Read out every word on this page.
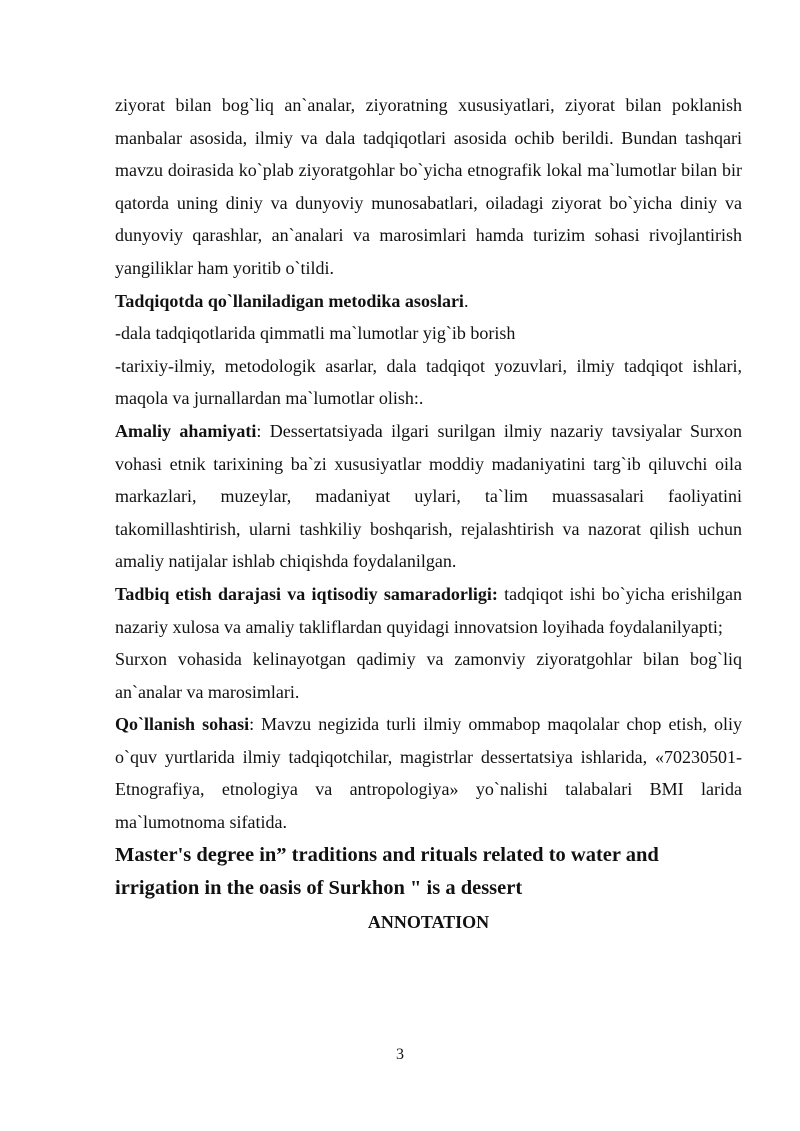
ziyorat bilan bog`liq an`analar, ziyoratning xususiyatlari, ziyorat bilan poklanish manbalar asosida, ilmiy va dala tadqiqotlari asosida ochib berildi. Bundan tashqari mavzu doirasida ko`plab ziyoratgohlar bo`yicha etnografik lokal ma`lumotlar bilan bir qatorda uning diniy va dunyoviy munosabatlari, oiladagi ziyorat bo`yicha diniy va dunyoviy qarashlar, an`analari va marosimlari hamda turizim sohasi rivojlantirish yangiliklar ham yoritib o`tildi.

Tadqiqotda qo`llaniladigan metodika asoslari.

-dala tadqiqotlarida qimmatli ma`lumotlar yig`ib borish

-tarixiy-ilmiy, metodologik asarlar, dala tadqiqot yozuvlari, ilmiy tadqiqot ishlari, maqola va jurnallardan ma`lumotlar olish:.

Amaliy ahamiyati: Dessertatsiyada ilgari surilgan ilmiy nazariy tavsiyalar Surxon vohasi etnik tarixining ba`zi xususiyatlar moddiy madaniyatini targ`ib qiluvchi oila markazlari, muzeylar, madaniyat uylari, ta`lim muassasalari faoliyatini takomillashtirish, ularni tashkiliy boshqarish, rejalashtirish va nazorat qilish uchun amaliy natijalar ishlab chiqishda foydalanilgan.

Tadbiq etish darajasi va iqtisodiy samaradorligi: tadqiqot ishi bo`yicha erishilgan nazariy xulosa va amaliy takliflardan quyidagi innovatsion loyihada foydalanilyapti;

Surxon vohasida kelinayotgan qadimiy va zamonviy ziyoratgohlar bilan bog`liq an`analar va marosimlari.

Qo`llanish sohasi: Mavzu negizida turli ilmiy ommabop maqolalar chop etish, oliy o`quv yurtlarida ilmiy tadqiqotchilar, magistrlar dessertatsiya ishlarida, «70230501-Etnografiya, etnologiya va antropologiya» yo`nalishi talabalari BMI larida ma`lumotnoma sifatida.

Master's degree in” traditions and rituals related to water and irrigation in the oasis of Surkhon " is a dessert

ANNOTATION

3
